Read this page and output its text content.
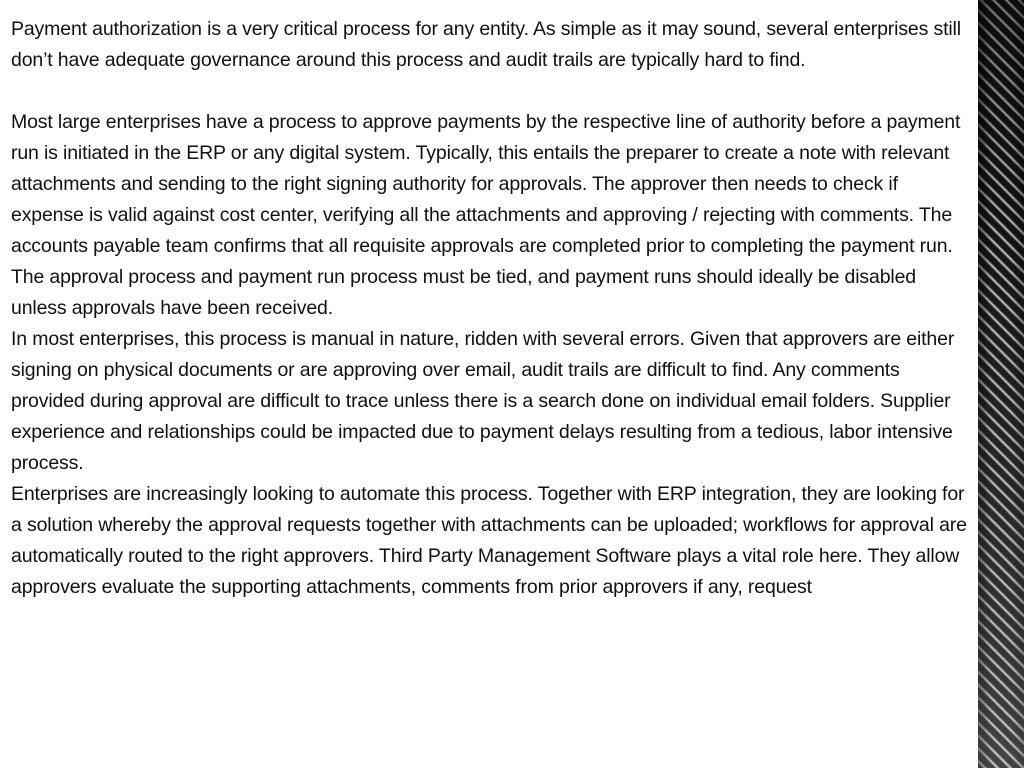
Payment authorization is a very critical process for any entity. As simple as it may sound, several enterprises still don’t have adequate governance around this process and audit trails are typically hard to find.

Most large enterprises have a process to approve payments by the respective line of authority before a payment run is initiated in the ERP or any digital system. Typically, this entails the preparer to create a note with relevant attachments and sending to the right signing authority for approvals. The approver then needs to check if expense is valid against cost center, verifying all the attachments and approving / rejecting with comments. The accounts payable team confirms that all requisite approvals are completed prior to completing the payment run. The approval process and payment run process must be tied, and payment runs should ideally be disabled unless approvals have been received.

In most enterprises, this process is manual in nature, ridden with several errors. Given that approvers are either signing on physical documents or are approving over email, audit trails are difficult to find. Any comments provided during approval are difficult to trace unless there is a search done on individual email folders. Supplier experience and relationships could be impacted due to payment delays resulting from a tedious, labor intensive process.

Enterprises are increasingly looking to automate this process. Together with ERP integration, they are looking for a solution whereby the approval requests together with attachments can be uploaded; workflows for approval are automatically routed to the right approvers. Third Party Management Software plays a vital role here. They allow approvers evaluate the supporting attachments, comments from prior approvers if any, request
